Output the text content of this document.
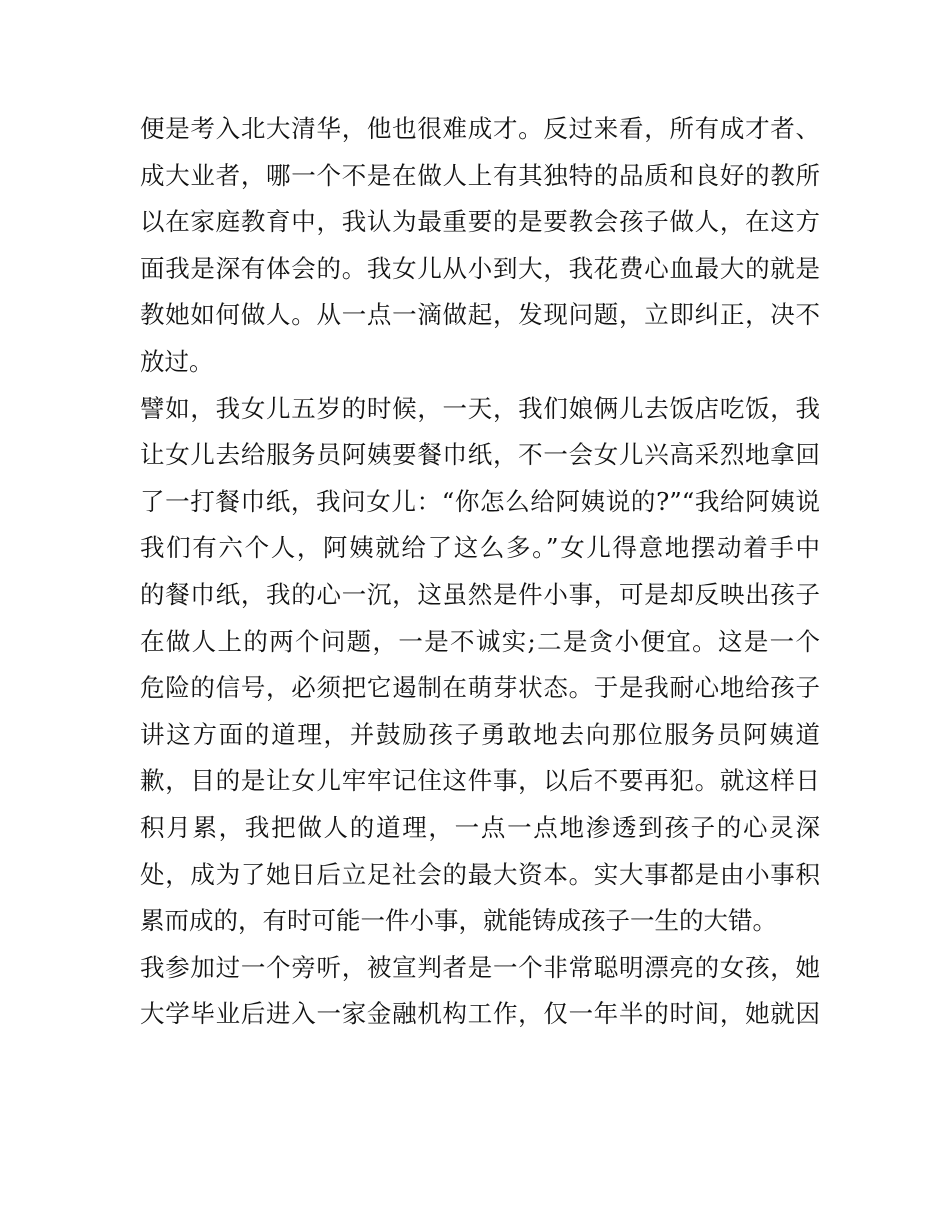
便是考入北大清华，他也很难成才。反过来看，所有成才者、
成大业者，哪一个不是在做人上有其独特的品质和良好的教所
以在家庭教育中，我认为最重要的是要教会孩子做人，在这方
面我是深有体会的。我女儿从小到大，我花费心血最大的就是
教她如何做人。从一点一滴做起，发现问题，立即纠正，决不
放过。
譬如，我女儿五岁的时候，一天，我们娘俩儿去饭店吃饭，我
让女儿去给服务员阿姨要餐巾纸，不一会女儿兴高采烈地拿回
了一打餐巾纸，我问女儿：“你怎么给阿姨说的?”“我给阿姨说
我们有六个人，阿姨就给了这么多。”女儿得意地摆动着手中
的餐巾纸，我的心一沉，这虽然是件小事，可是却反映出孩子
在做人上的两个问题，一是不诚实;二是贪小便宜。这是一个
危险的信号，必须把它遏制在萌芽状态。于是我耐心地给孩子
讲这方面的道理，并鼓励孩子勇敢地去向那位服务员阿姨道
歉，目的是让女儿牢牢记住这件事，以后不要再犯。就这样日
积月累，我把做人的道理，一点一点地渗透到孩子的心灵深
处，成为了她日后立足社会的最大资本。实大事都是由小事积
累而成的，有时可能一件小事，就能铸成孩子一生的大错。
我参加过一个旁听，被宣判者是一个非常聪明漂亮的女孩，她
大学毕业后进入一家金融机构工作，仅一年半的时间，她就因
